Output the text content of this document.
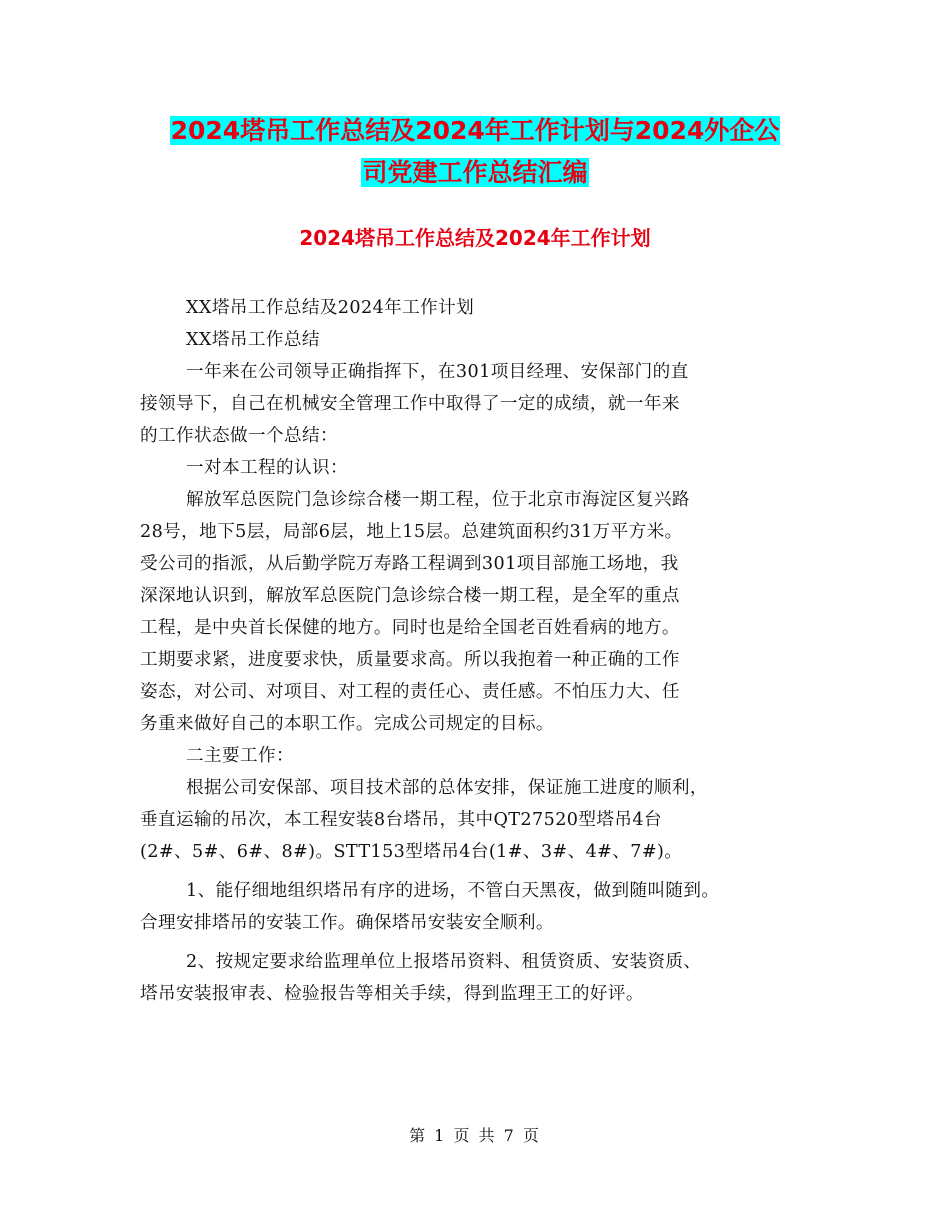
2024塔吊工作总结及2024年工作计划与2024外企公
司党建工作总结汇编
2024塔吊工作总结及2024年工作计划
XX塔吊工作总结及2024年工作计划
XX塔吊工作总结
一年来在公司领导正确指挥下，在301项目经理、安保部门的直
接领导下，自己在机械安全管理工作中取得了一定的成绩，就一年来
的工作状态做一个总结：
一对本工程的认识：
解放军总医院门急诊综合楼一期工程，位于北京市海淀区复兴路
28号，地下5层，局部6层，地上15层。总建筑面积约31万平方米。
受公司的指派，从后勤学院万寿路工程调到301项目部施工场地，我
深深地认识到，解放军总医院门急诊综合楼一期工程，是全军的重点
工程，是中央首长保健的地方。同时也是给全国老百姓看病的地方。
工期要求紧，进度要求快，质量要求高。所以我抱着一种正确的工作
姿态，对公司、对项目、对工程的责任心、责任感。不怕压力大、任
务重来做好自己的本职工作。完成公司规定的目标。
二主要工作：
根据公司安保部、项目技术部的总体安排，保证施工进度的顺利，
垂直运输的吊次，本工程安装8台塔吊，其中QT27520型塔吊4台
(2#、5#、6#、8#)。STT153型塔吊4台(1#、3#、4#、7#)。
1、能仔细地组织塔吊有序的进场，不管白天黑夜，做到随叫随到。
合理安排塔吊的安装工作。确保塔吊安装安全顺利。
2、按规定要求给监理单位上报塔吊资料、租赁资质、安装资质、
塔吊安装报审表、检验报告等相关手续，得到监理王工的好评。
第 1 页 共 7 页
